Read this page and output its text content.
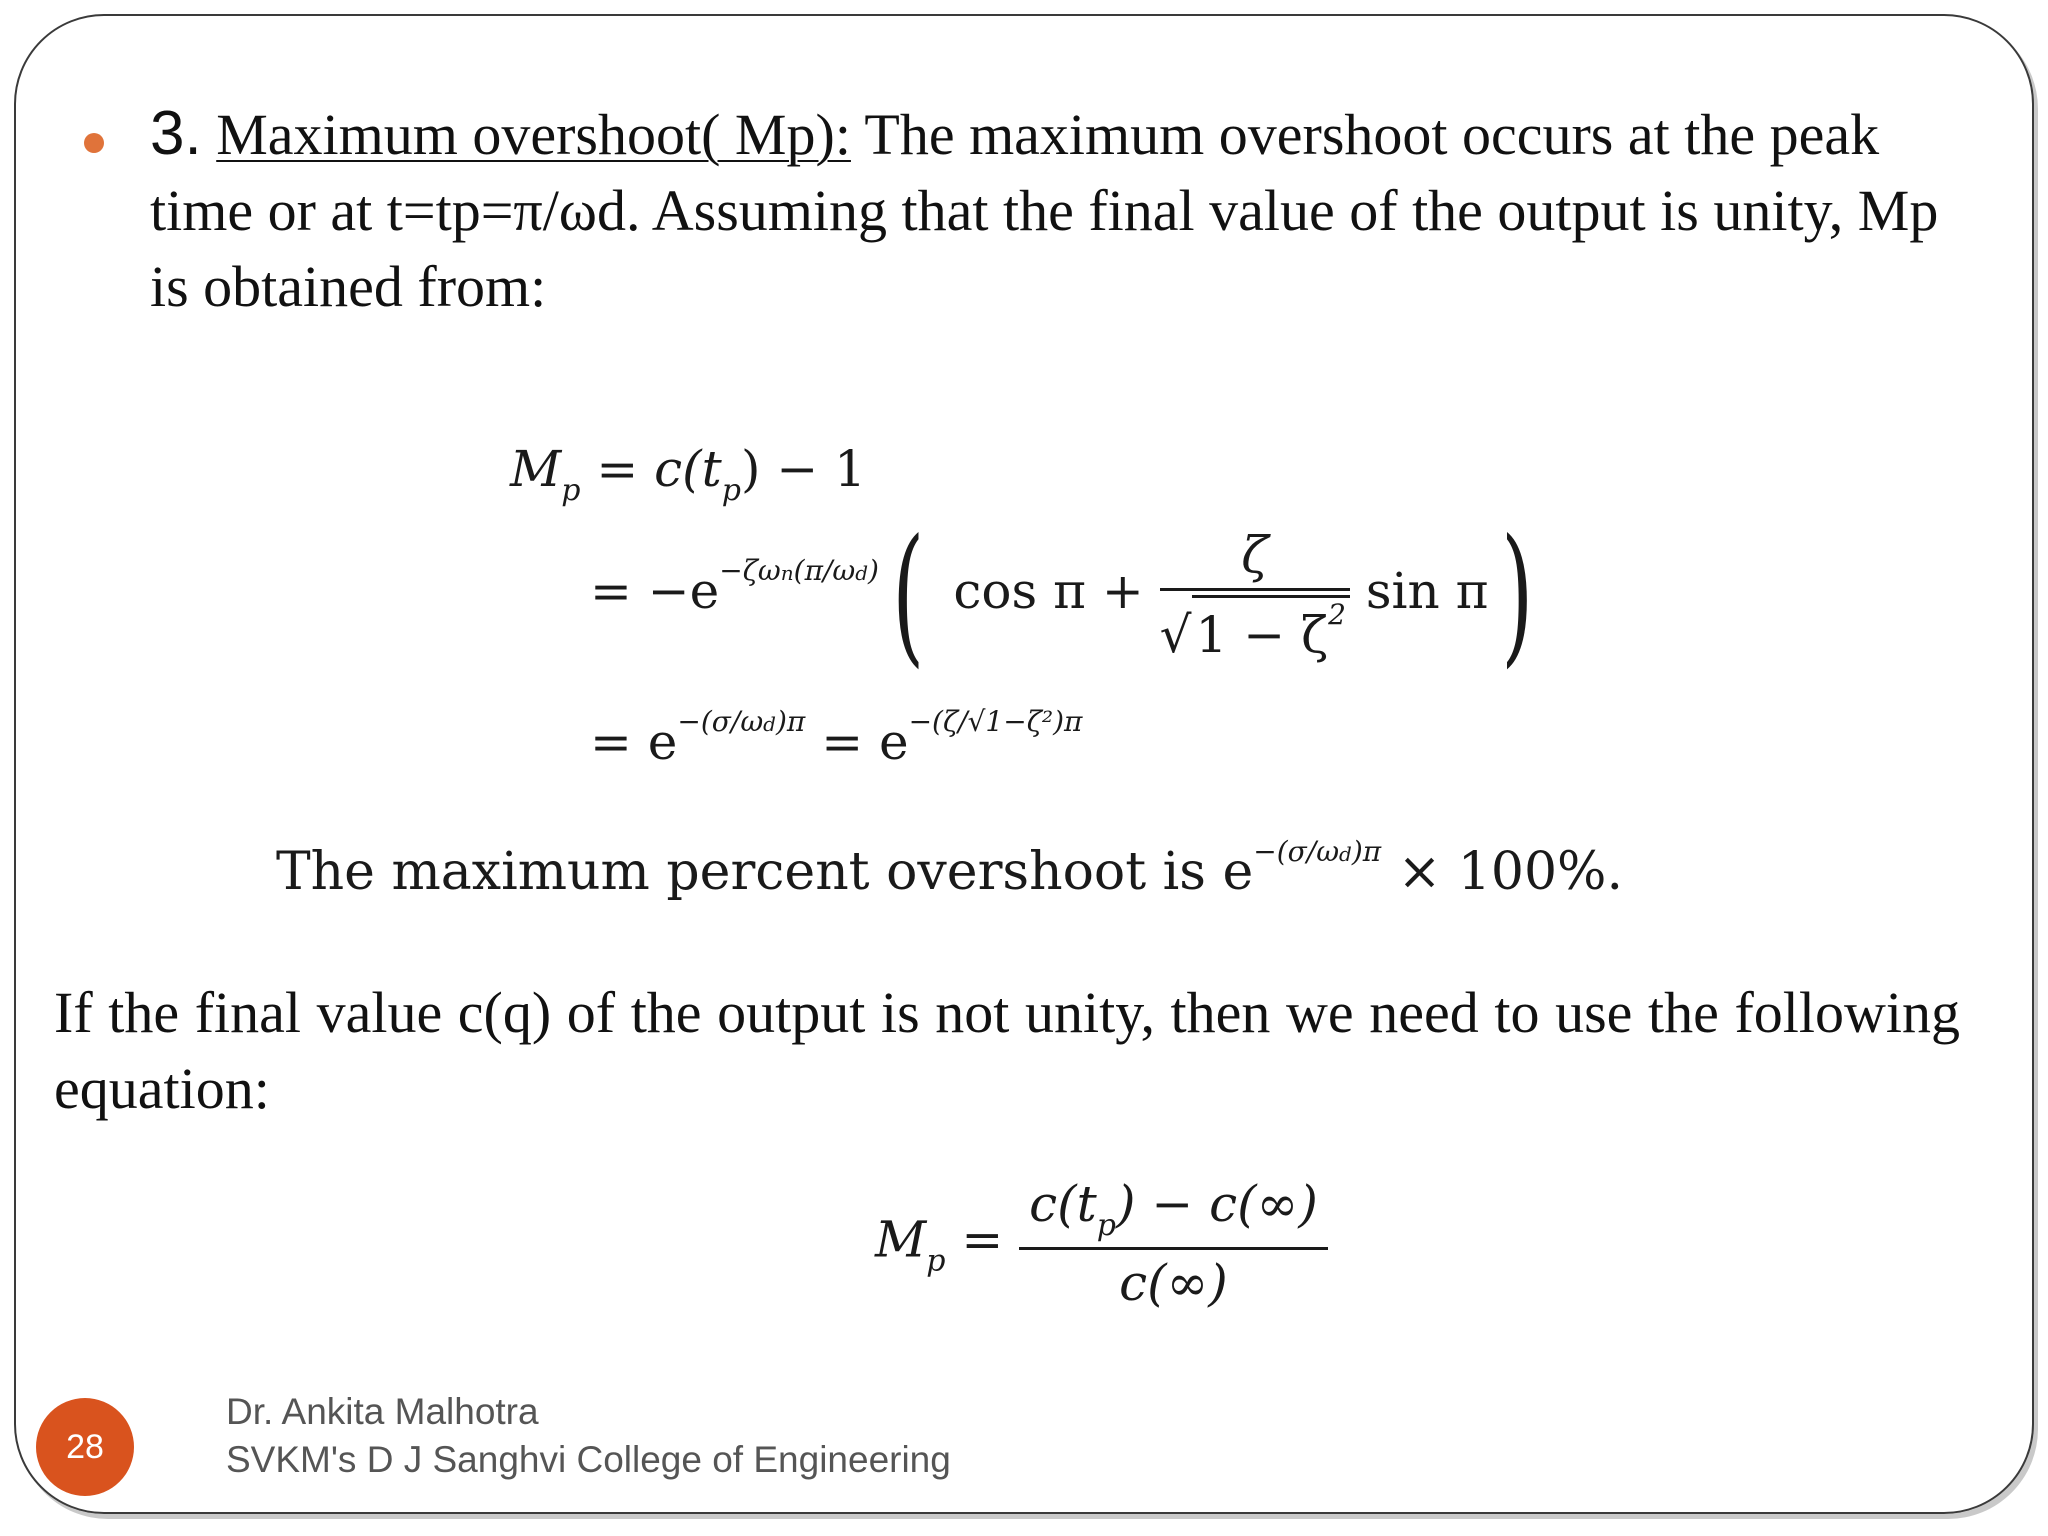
3. Maximum overshoot( Mp): The maximum overshoot occurs at the peak time or at t=tp=π/ωd. Assuming that the final value of the output is unity, Mp is obtained from:
$M_p = c(t_p) - 1$
= $-e^{-\zeta\omega n(\pi/\omega d)}$( $\cos \pi + \frac{\zeta}{√1 - \zeta^2}$ sin π)
= $e^{-(\sigma/\omega d)\pi} = e^{-(\zeta/√1-\zeta^2)\pi}$
The maximum percent overshoot is $e^{-(\sigma/\omega d)\pi} \times 100\%$.
If the final value c(q) of the output is not unity, then we need to use the following equation:
$M_p = \frac{c(t_p) - c(\infty)}{c(\infty)}$
28
Dr. Ankita Malhotra
SVKM's D J Sanghvi College of Engineering
